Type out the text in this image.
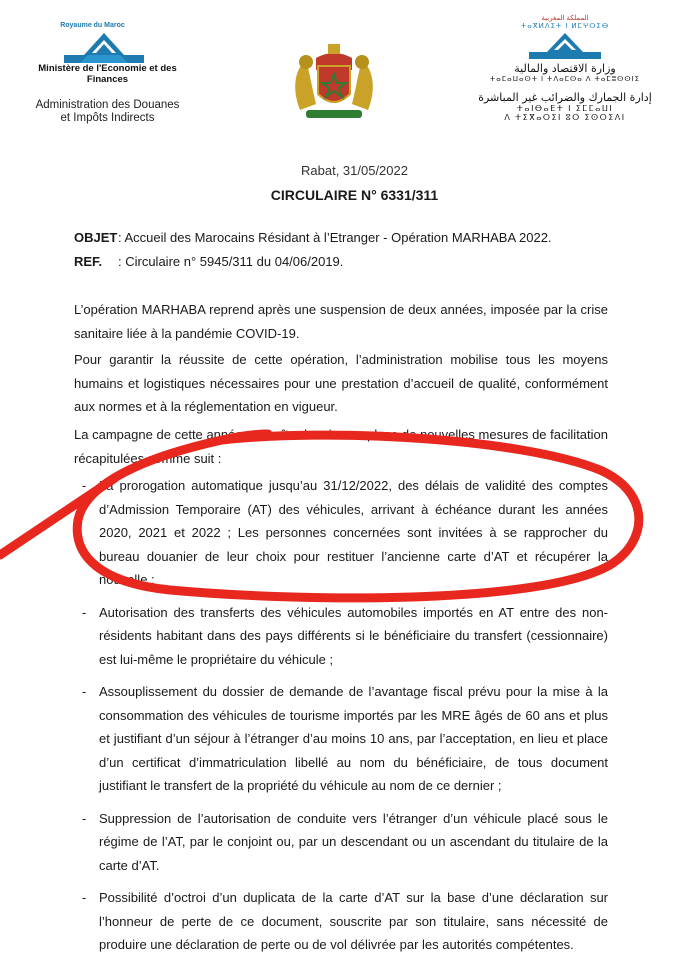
Royaume du Maroc
Ministère de l'Economie et des Finances
Administration des Douanes
et Impôts Indirects
المملكة المغربية
ⵜⴰⴳⵍⴷⵉⵜ ⵏ ⵍⵎⵖⵔⵉⴱ
وزارة الاقتصاد والمالية
ⵜⴰⵎⴰⵡⴰⵙⵜ ⵏ ⵜⴷⴰⵎⵙⴰ ⴷ ⵜⴰⵎⵓⵙⵙⵏⵉ
إدارة الجمارك والضرائب غير المباشرة
ⵜⴰⵏⴱⴰⴹⵜ ⵏ ⵉⵎⵎⴰⵡⵏ
ⴷ ⵜⵉⴳⴰⵔⵉⵏ ⵓⵔ ⵉⵙⵔⵉⴷⵏ
Rabat, 31/05/2022
CIRCULAIRE N° 6331/311
OBJET: Accueil des Marocains Résidant à l’Etranger - Opération MARHABA 2022.
REF. : Circulaire n° 5945/311 du 04/06/2019.
L’opération MARHABA reprend après une suspension de deux années, imposée par la crise sanitaire liée à la pandémie COVID-19.
Pour garantir la réussite de cette opération, l’administration mobilise tous les moyens humains et logistiques nécessaires pour une prestation d’accueil de qualité, conformément aux normes et à la réglementation en vigueur.
La campagne de cette année connaîtra la mise en place de nouvelles mesures de facilitation récapitulées comme suit :
- La prorogation automatique jusqu’au 31/12/2022, des délais de validité des comptes d’Admission Temporaire (AT) des véhicules, arrivant à échéance durant les années 2020, 2021 et 2022 ; Les personnes concernées sont invitées à se rapprocher du bureau douanier de leur choix pour restituer l’ancienne carte d’AT et récupérer la nouvelle ;
- Autorisation des transferts des véhicules automobiles importés en AT entre des non-résidents habitant dans des pays différents si le bénéficiaire du transfert (cessionnaire) est lui-même le propriétaire du véhicule ;
- Assouplissement du dossier de demande de l’avantage fiscal prévu pour la mise à la consommation des véhicules de tourisme importés par les MRE âgés de 60 ans et plus et justifiant d’un séjour à l’étranger d’au moins 10 ans, par l’acceptation, en lieu et place d’un certificat d’immatriculation libellé au nom du bénéficiaire, de tous document justifiant le transfert de la propriété du véhicule au nom de ce dernier ;
- Suppression de l’autorisation de conduite vers l’étranger d’un véhicule placé sous le régime de l’AT, par le conjoint ou, par un descendant ou un ascendant du titulaire de la carte d’AT.
- Possibilité d’octroi d’un duplicata de la carte d’AT sur la base d’une déclaration sur l’honneur de perte de ce document, souscrite par son titulaire, sans nécessité de produire une déclaration de perte ou de vol délivrée par les autorités compétentes.
